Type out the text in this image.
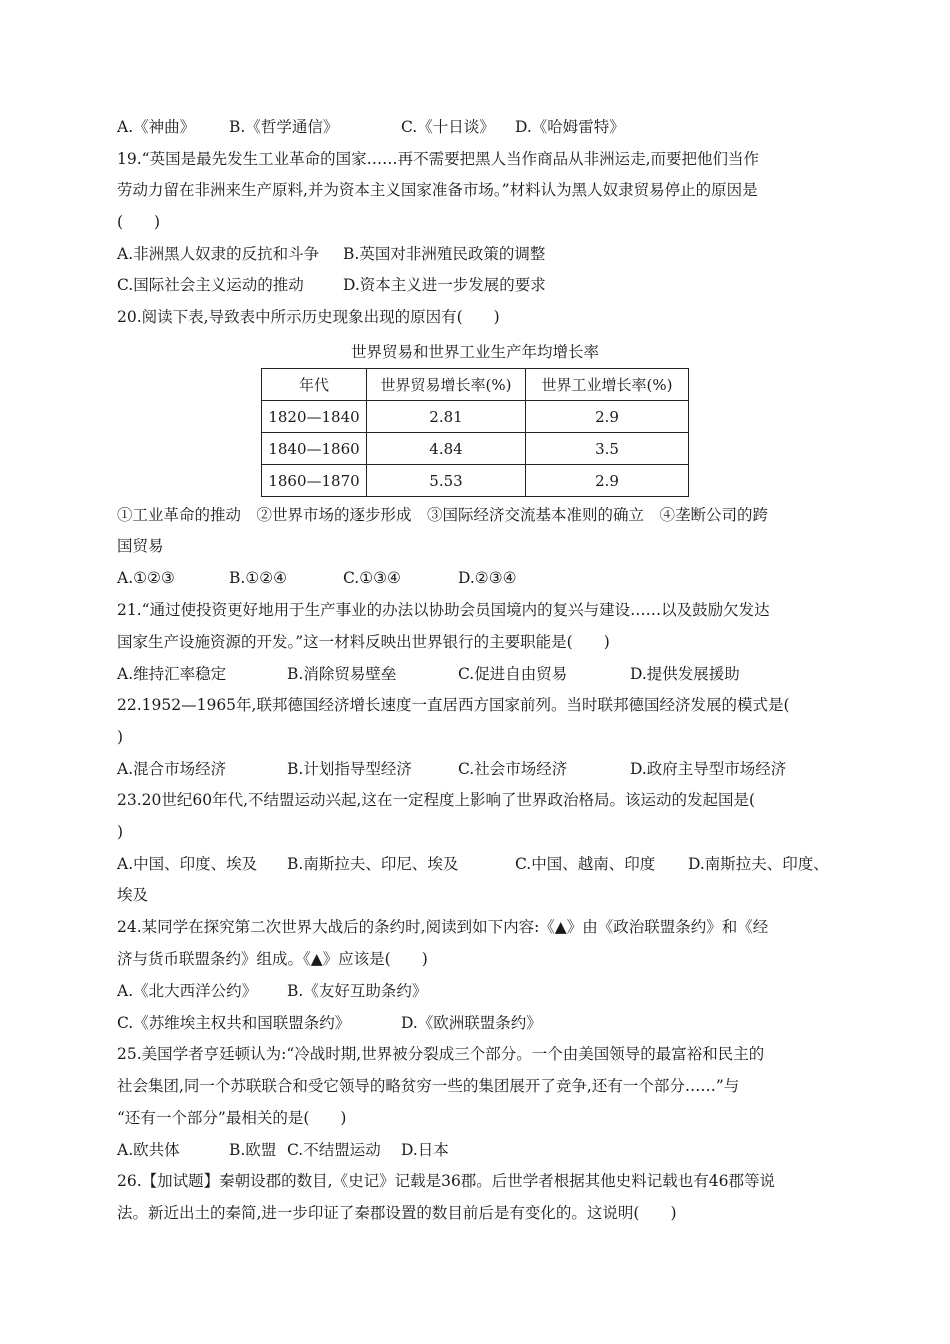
A.《神曲》 B.《哲学通信》	C.《十日谈》 D.《哈姆雷特》
19.“英国是最先发生工业革命的国家……再不需要把黑人当作商品从非洲运走,而要把他们当作
劳动力留在非洲来生产原料,并为资本主义国家准备市场。”材料认为黑人奴隶贸易停止的原因是
(　　)
A.非洲黑人奴隶的反抗和斗争 B.英国对非洲殖民政策的调整
C.国际社会主义运动的推动	D.资本主义进一步发展的要求
20.阅读下表,导致表中所示历史现象出现的原因有(　　)
世界贸易和世界工业生产年均增长率
年代	世界贸易增长率(%)	世界工业增长率(%)
1820—1840	2.81	2.9
1840—1860	4.84	3.5
1860—1870	5.53	2.9
①工业革命的推动　②世界市场的逐步形成　③国际经济交流基本准则的确立　④垄断公司的跨
国贸易
A.①②③	B.①②④	C.①③④	D.②③④
21.“通过使投资更好地用于生产事业的办法以协助会员国境内的复兴与建设……以及鼓励欠发达
国家生产设施资源的开发。”这一材料反映出世界银行的主要职能是(　　)
A.维持汇率稳定	B.消除贸易壁垒	C.促进自由贸易	D.提供发展援助
22.1952—1965年,联邦德国经济增长速度一直居西方国家前列。当时联邦德国经济发展的模式是(
)
A.混合市场经济	B.计划指导型经济	C.社会市场经济	D.政府主导型市场经济
23.20世纪60年代,不结盟运动兴起,这在一定程度上影响了世界政治格局。该运动的发起国是(
)
A.中国、印度、埃及 B.南斯拉夫、印尼、埃及	C.中国、越南、印度 D.南斯拉夫、印度、
埃及
24.某同学在探究第二次世界大战后的条约时,阅读到如下内容:《▲》由《政治联盟条约》和《经
济与货币联盟条约》组成。《▲》应该是(　　)
A.《北大西洋公约》 B.《友好互助条约》
C.《苏维埃主权共和国联盟条约》	D.《欧洲联盟条约》
25.美国学者亨廷顿认为:“冷战时期,世界被分裂成三个部分。一个由美国领导的最富裕和民主的
社会集团,同一个苏联联合和受它领导的略贫穷一些的集团展开了竞争,还有一个部分……”与
“还有一个部分”最相关的是(　　)
A.欧共体	B.欧盟 C.不结盟运动 D.日本
26.【加试题】秦朝设郡的数目,《史记》记载是36郡。后世学者根据其他史料记载也有46郡等说
法。新近出土的秦简,进一步印证了秦郡设置的数目前后是有变化的。这说明(　　)
